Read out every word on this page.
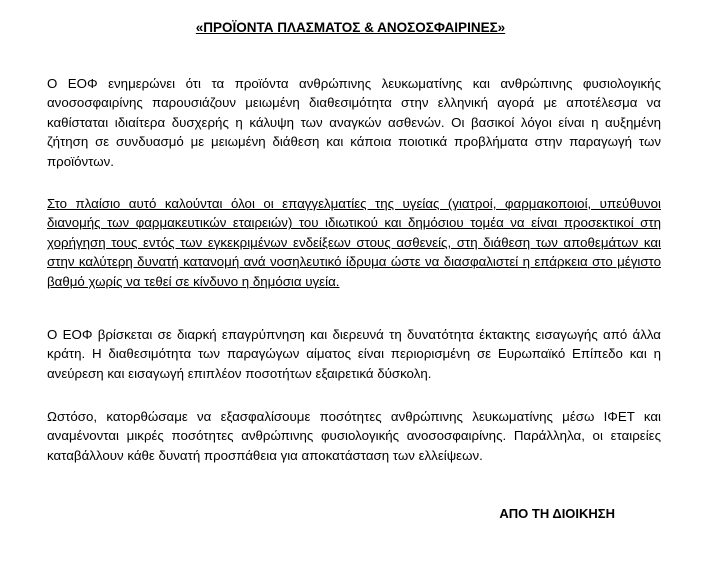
«ΠΡΟΪΟΝΤΑ ΠΛΑΣΜΑΤΟΣ & ΑΝΟΣΟΣΦΑΙΡΙΝΕΣ»

Ο ΕΟΦ ενημερώνει ότι τα προϊόντα ανθρώπινης λευκωματίνης και ανθρώπινης φυσιολογικής ανοσοσφαιρίνης παρουσιάζουν μειωμένη διαθεσιμότητα στην ελληνική αγορά με αποτέλεσμα να καθίσταται ιδιαίτερα δυσχερής η κάλυψη των αναγκών ασθενών. Οι βασικοί λόγοι είναι η αυξημένη ζήτηση σε συνδυασμό με μειωμένη διάθεση και κάποια ποιοτικά προβλήματα στην παραγωγή των προϊόντων.

Στο πλαίσιο αυτό καλούνται όλοι οι επαγγελματίες της υγείας (γιατροί, φαρμακοποιοί, υπεύθυνοι διανομής των φαρμακευτικών εταιρειών) του ιδιωτικού και δημόσιου τομέα να είναι προσεκτικοί στη χορήγηση τους εντός των εγκεκριμένων ενδείξεων στους ασθενείς, στη διάθεση των αποθεμάτων και στην καλύτερη δυνατή κατανομή ανά νοσηλευτικό ίδρυμα ώστε να διασφαλιστεί η επάρκεια στο μέγιστο βαθμό χωρίς να τεθεί σε κίνδυνο η δημόσια υγεία.

Ο ΕΟΦ βρίσκεται σε διαρκή επαγρύπνηση και διερευνά τη δυνατότητα έκτακτης εισαγωγής από άλλα κράτη. Η διαθεσιμότητα των παραγώγων αίματος είναι περιορισμένη σε Ευρωπαϊκό Επίπεδο και η ανεύρεση και εισαγωγή επιπλέον ποσοτήτων εξαιρετικά δύσκολη.

Ωστόσο, κατορθώσαμε να εξασφαλίσουμε ποσότητες ανθρώπινης λευκωματίνης μέσω ΙΦΕΤ και αναμένονται μικρές ποσότητες ανθρώπινης φυσιολογικής ανοσοσφαιρίνης. Παράλληλα, οι εταιρείες καταβάλλουν κάθε δυνατή προσπάθεια για αποκατάσταση των ελλείψεων.

ΑΠΟ ΤΗ ΔΙΟΙΚΗΣΗ
